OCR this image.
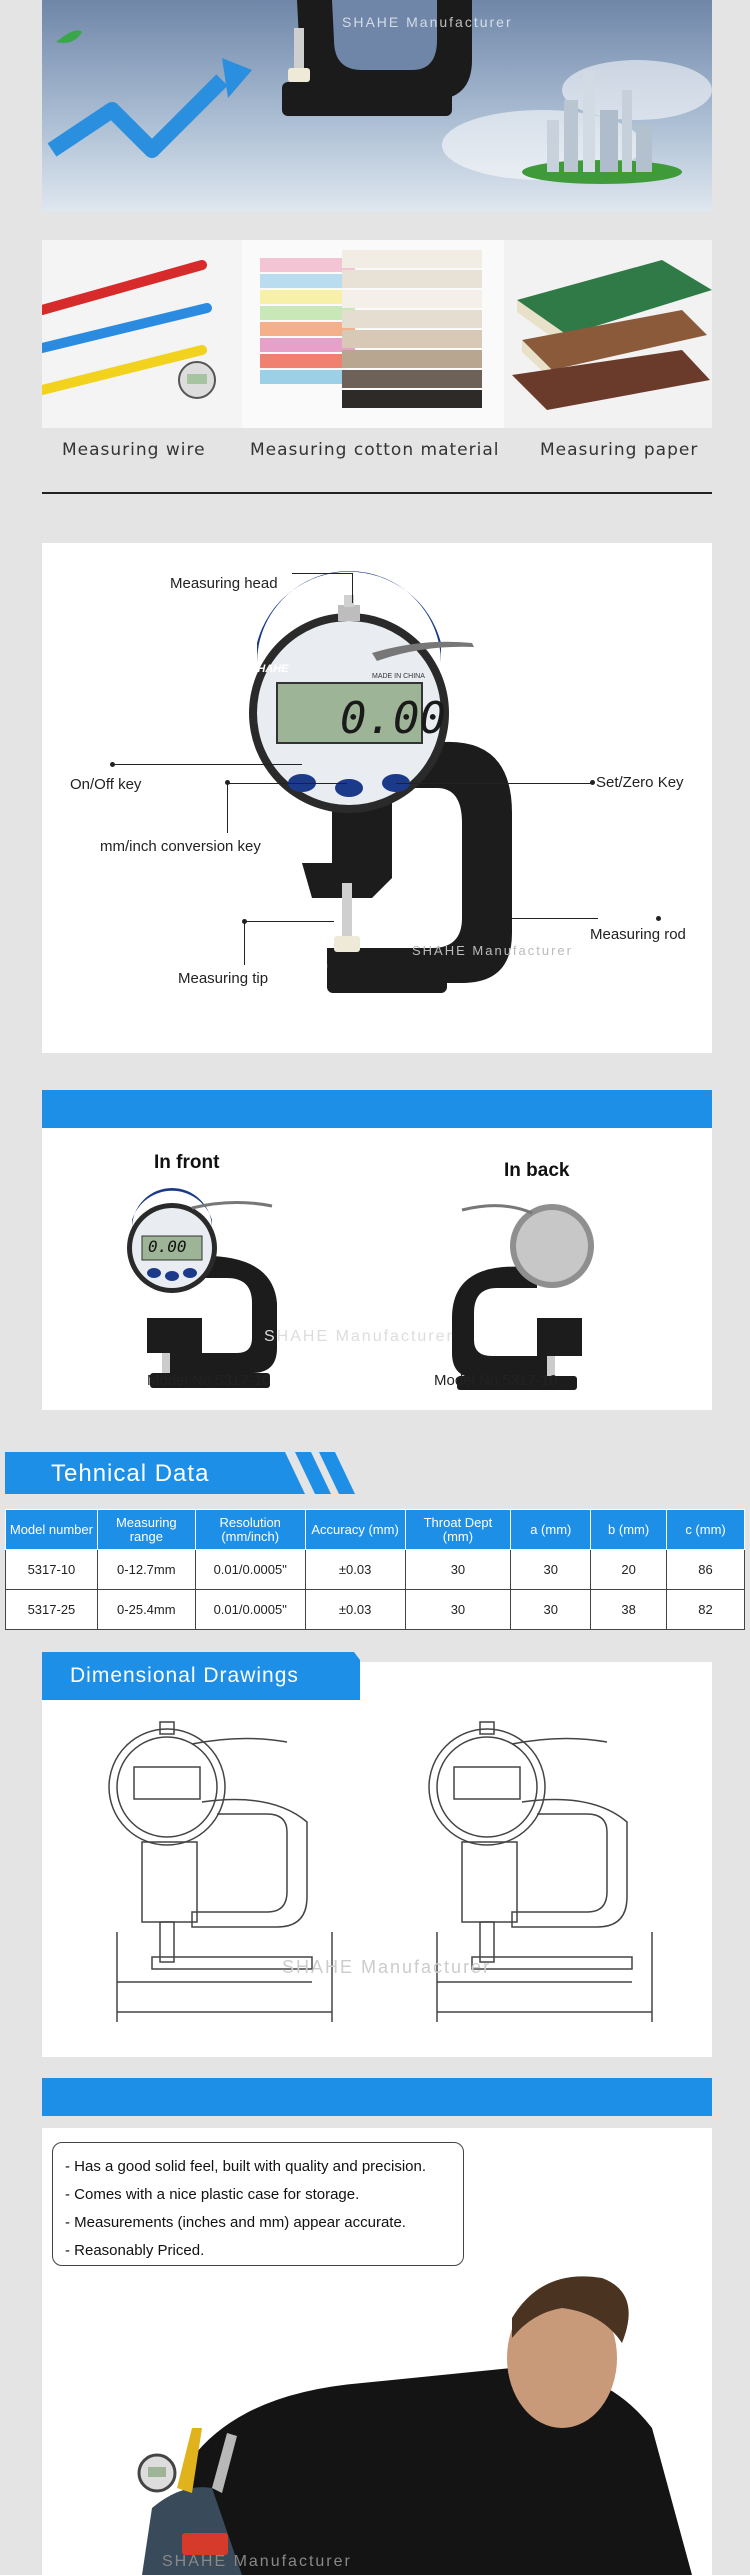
SHAHE Manufacturer
Measuring wire	Measuring cotton material Measuring paper
SHAHE
MADE IN CHINA
0.00
SHAHE Manufacturer
Measuring head
On/Off key	Set/Zero Key
mm/inch conversion key
Measuring rod
Measuring tip
In front	In back
0.00
SHAHE Manufacturer
Model No.5317-10	Model No.5317-10
Tehnical Data
Model number	Measuring range	Resolution (mm/inch)	Accuracy (mm)	Throat Dept (mm)	a (mm)	b (mm)	c (mm)
5317-10	0-12.7mm	0.01/0.0005"	±0.03	30	30	20	86
5317-25	0-25.4mm	0.01/0.0005"	±0.03	30	30	38	82
SHAHE Manufacturer
Dimensional Drawings
SHAHE Manufacturer
- Has a good solid feel, built with quality and precision.
- Comes with a nice plastic case for storage.
- Measurements (inches and mm) appear accurate.
- Reasonably Priced.
